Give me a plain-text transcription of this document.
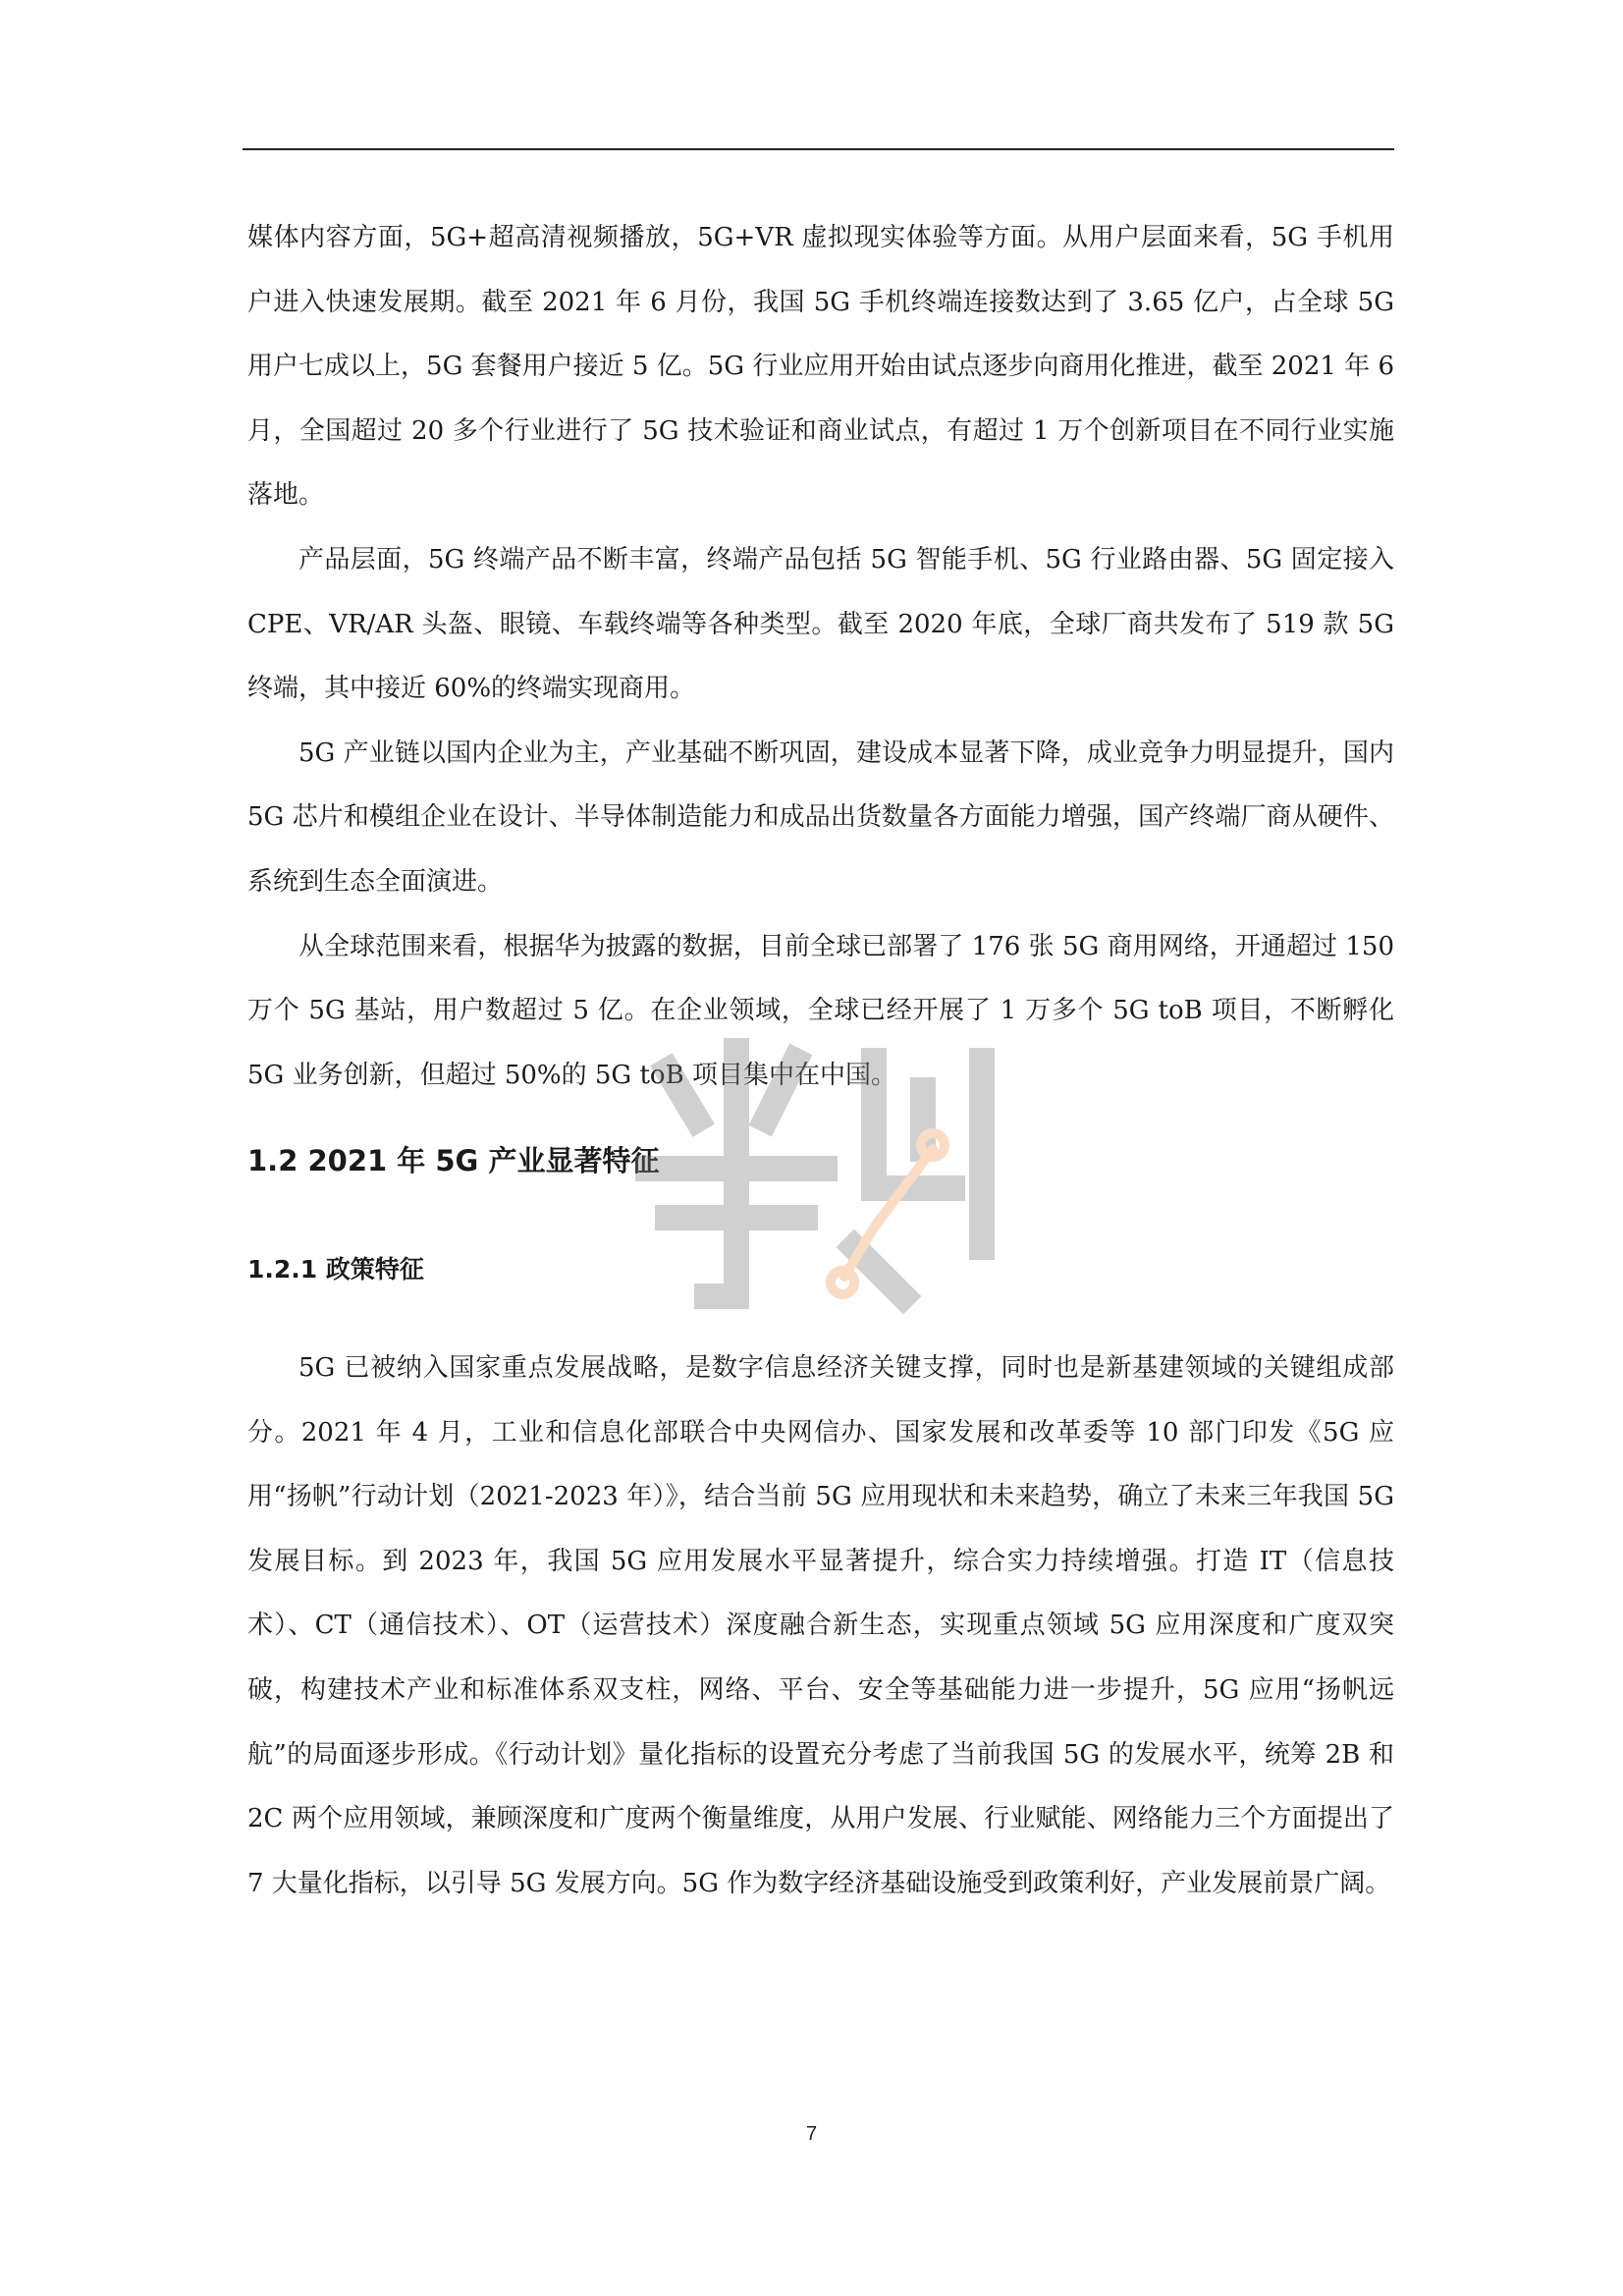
媒体内容方面，5G+超高清视频播放，5G+VR 虚拟现实体验等方面。从用户层面来看，5G 手机用户进入快速发展期。截至 2021 年 6 月份，我国 5G 手机终端连接数达到了 3.65 亿户，占全球 5G 用户七成以上，5G 套餐用户接近 5 亿。5G 行业应用开始由试点逐步向商用化推进，截至 2021 年 6 月，全国超过 20 多个行业进行了 5G 技术验证和商业试点，有超过 1 万个创新项目在不同行业实施落地。

产品层面，5G 终端产品不断丰富，终端产品包括 5G 智能手机、5G 行业路由器、5G 固定接入 CPE、VR/AR 头盔、眼镜、车载终端等各种类型。截至 2020 年底，全球厂商共发布了 519 款 5G 终端，其中接近 60%的终端实现商用。

5G 产业链以国内企业为主，产业基础不断巩固，建设成本显著下降，成业竞争力明显提升，国内 5G 芯片和模组企业在设计、半导体制造能力和成品出货数量各方面能力增强，国产终端厂商从硬件、系统到生态全面演进。

从全球范围来看，根据华为披露的数据，目前全球已部署了 176 张 5G 商用网络，开通超过 150 万个 5G 基站，用户数超过 5 亿。在企业领域，全球已经开展了 1 万多个 5G toB 项目，不断孵化 5G 业务创新，但超过 50%的 5G toB 项目集中在中国。

1.2 2021 年 5G 产业显著特征
1.2.1 政策特征

5G 已被纳入国家重点发展战略，是数字信息经济关键支撑，同时也是新基建领域的关键组成部分。2021 年 4 月，工业和信息化部联合中央网信办、国家发展和改革委等 10 部门印发《5G 应用“扬帆”行动计划（2021-2023 年）》，结合当前 5G 应用现状和未来趋势，确立了未来三年我国 5G 发展目标。到 2023 年，我国 5G 应用发展水平显著提升，综合实力持续增强。打造 IT（信息技术）、CT（通信技术）、OT（运营技术）深度融合新生态，实现重点领域 5G 应用深度和广度双突破，构建技术产业和标准体系双支柱，网络、平台、安全等基础能力进一步提升，5G 应用“扬帆远航”的局面逐步形成。《行动计划》量化指标的设置充分考虑了当前我国 5G 的发展水平，统筹 2B 和 2C 两个应用领域，兼顾深度和广度两个衡量维度，从用户发展、行业赋能、网络能力三个方面提出了 7 大量化指标，以引导 5G 发展方向。5G 作为数字经济基础设施受到政策利好，产业发展前景广阔。

7
